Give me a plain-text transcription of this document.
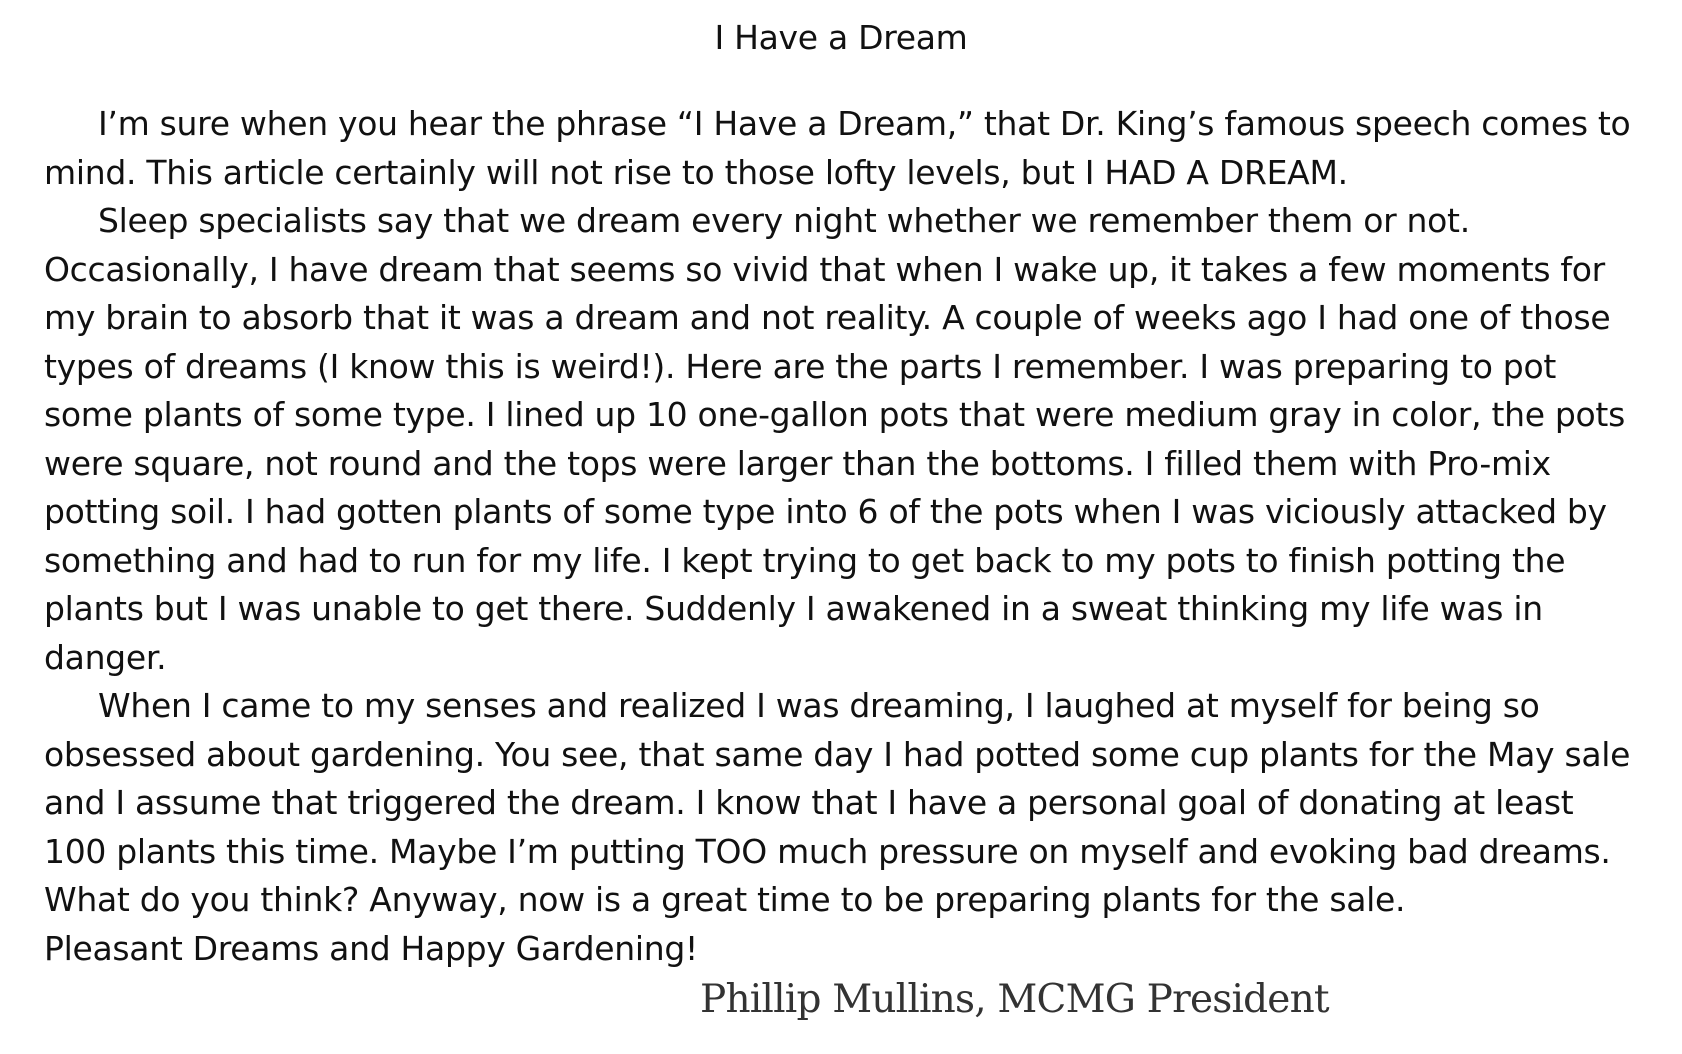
I Have a Dream
I’m sure when you hear the phrase “I Have a Dream,” that Dr. King’s famous speech comes to
mind. This article certainly will not rise to those lofty levels, but I HAD A DREAM.
Sleep specialists say that we dream every night whether we remember them or not.
Occasionally, I have dream that seems so vivid that when I wake up, it takes a few moments for
my brain to absorb that it was a dream and not reality. A couple of weeks ago I had one of those
types of dreams (I know this is weird!). Here are the parts I remember. I was preparing to pot
some plants of some type. I lined up 10 one-gallon pots that were medium gray in color, the pots
were square, not round and the tops were larger than the bottoms. I filled them with Pro-mix
potting soil. I had gotten plants of some type into 6 of the pots when I was viciously attacked by
something and had to run for my life. I kept trying to get back to my pots to finish potting the
plants but I was unable to get there. Suddenly I awakened in a sweat thinking my life was in
danger.
When I came to my senses and realized I was dreaming, I laughed at myself for being so
obsessed about gardening. You see, that same day I had potted some cup plants for the May sale
and I assume that triggered the dream. I know that I have a personal goal of donating at least
100 plants this time. Maybe I’m putting TOO much pressure on myself and evoking bad dreams.
What do you think? Anyway, now is a great time to be preparing plants for the sale.
Pleasant Dreams and Happy Gardening!
Phillip Mullins, MCMG President
